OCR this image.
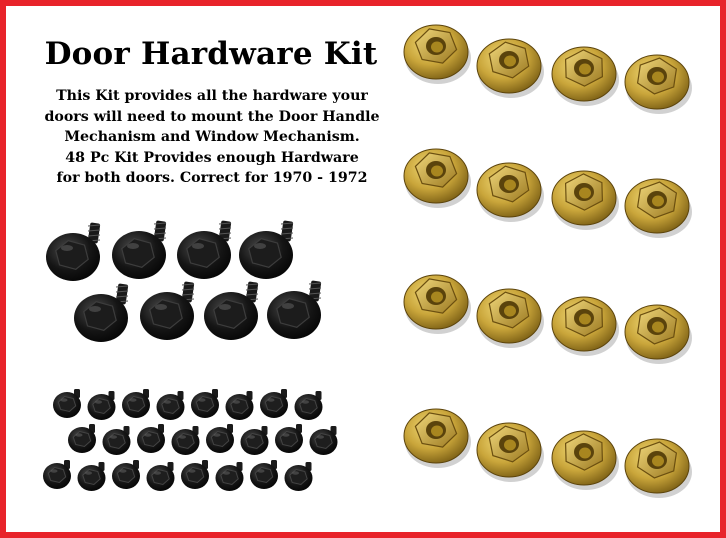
Door Hardware Kit
This Kit provides all the hardware your
doors will need to mount the Door Handle
Mechanism and Window Mechanism.
48 Pc Kit Provides enough Hardware
for both doors. Correct for 1970 - 1972
